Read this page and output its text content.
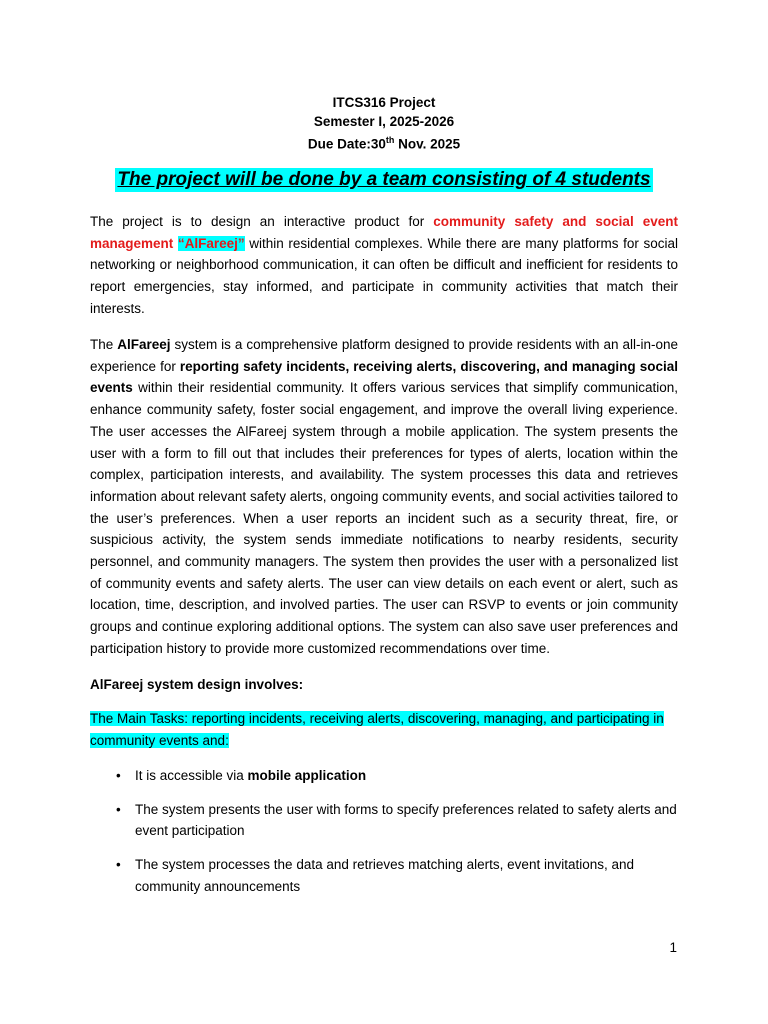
ITCS316 Project
Semester I, 2025-2026
Due Date:30th Nov. 2025
The project will be done by a team consisting of 4 students
The project is to design an interactive product for community safety and social event management “AlFareej” within residential complexes. While there are many platforms for social networking or neighborhood communication, it can often be difficult and inefficient for residents to report emergencies, stay informed, and participate in community activities that match their interests.
The AlFareej system is a comprehensive platform designed to provide residents with an all-in-one experience for reporting safety incidents, receiving alerts, discovering, and managing social events within their residential community. It offers various services that simplify communication, enhance community safety, foster social engagement, and improve the overall living experience. The user accesses the AlFareej system through a mobile application. The system presents the user with a form to fill out that includes their preferences for types of alerts, location within the complex, participation interests, and availability. The system processes this data and retrieves information about relevant safety alerts, ongoing community events, and social activities tailored to the user’s preferences. When a user reports an incident such as a security threat, fire, or suspicious activity, the system sends immediate notifications to nearby residents, security personnel, and community managers. The system then provides the user with a personalized list of community events and safety alerts. The user can view details on each event or alert, such as location, time, description, and involved parties. The user can RSVP to events or join community groups and continue exploring additional options. The system can also save user preferences and participation history to provide more customized recommendations over time.
AlFareej system design involves:
The Main Tasks: reporting incidents, receiving alerts, discovering, managing, and participating in community events and:
• It is accessible via mobile application
• The system presents the user with forms to specify preferences related to safety alerts and event participation
• The system processes the data and retrieves matching alerts, event invitations, and community announcements
1
